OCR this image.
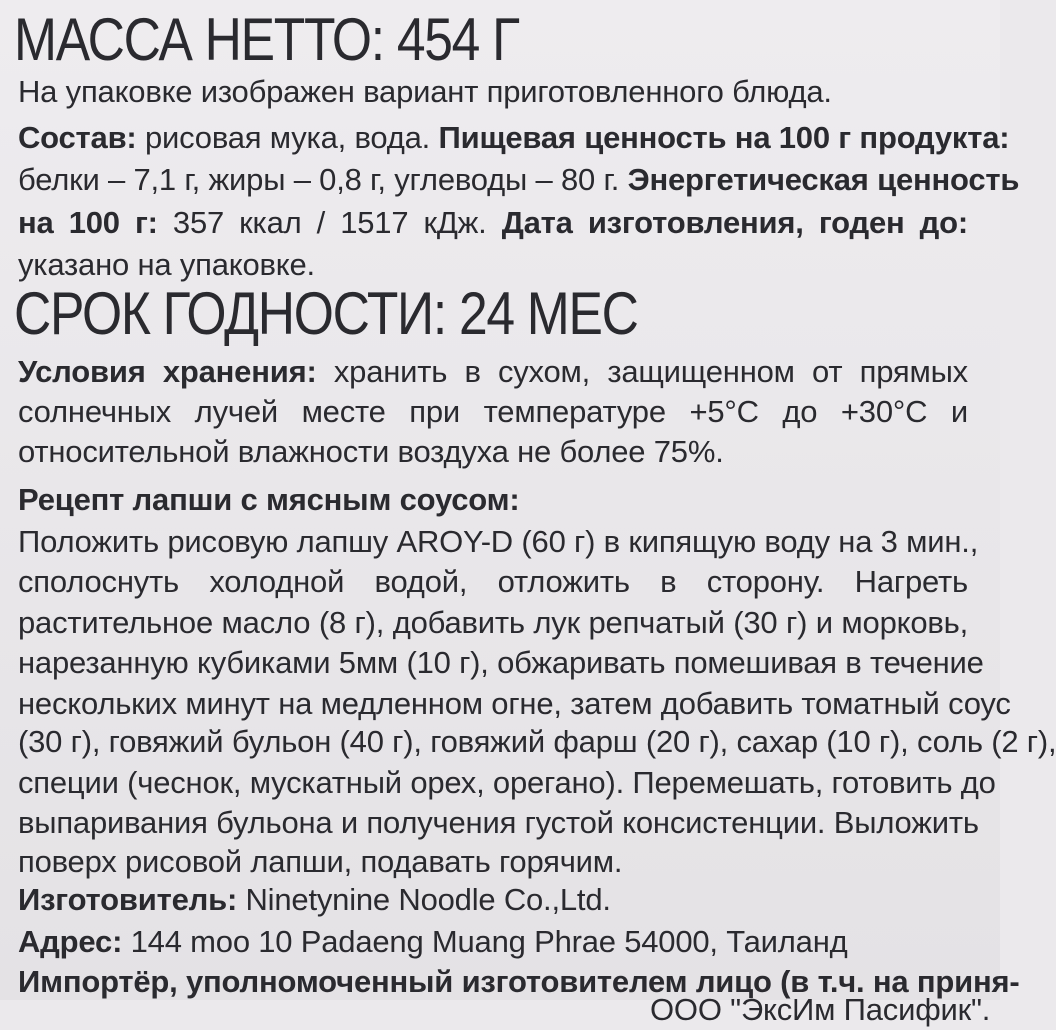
МАССА НЕТТО: 454 Г
На упаковке изображен вариант приготовленного блюда.
Состав: рисовая мука, вода. Пищевая ценность на 100 г продукта:
белки – 7,1 г, жиры – 0,8 г, углеводы – 80 г. Энергетическая ценность
на 100 г: 357 ккал / 1517 кДж. Дата изготовления, годен до:
указано на упаковке.
СРОК ГОДНОСТИ: 24 МЕС
Условия хранения: хранить в сухом, защищенном от прямых
солнечных лучей месте при температуре +5°С до +30°С и
относительной влажности воздуха не более 75%.
Рецепт лапши с мясным соусом:
Положить рисовую лапшу AROY-D (60 г) в кипящую воду на 3 мин.,
сполоснуть холодной водой, отложить в сторону. Нагреть
растительное масло (8 г), добавить лук репчатый (30 г) и морковь,
нарезанную кубиками 5мм (10 г), обжаривать помешивая в течение
нескольких минут на медленном огне, затем добавить томатный соус
(30 г), говяжий бульон (40 г), говяжий фарш (20 г), сахар (10 г), соль (2 г),
специи (чеснок, мускатный орех, орегано). Перемешать, готовить до
выпаривания бульона и получения густой консистенции. Выложить
поверх рисовой лапши, подавать горячим.
Изготовитель: Ninetynine Noodle Co.,Ltd.
Адрес: 144 moo 10 Padaeng Muang Phrae 54000, Таиланд
Импортёр, уполномоченный изготовителем лицо (в т.ч. на приня-
ООО "ЭксИм Пасифик".
